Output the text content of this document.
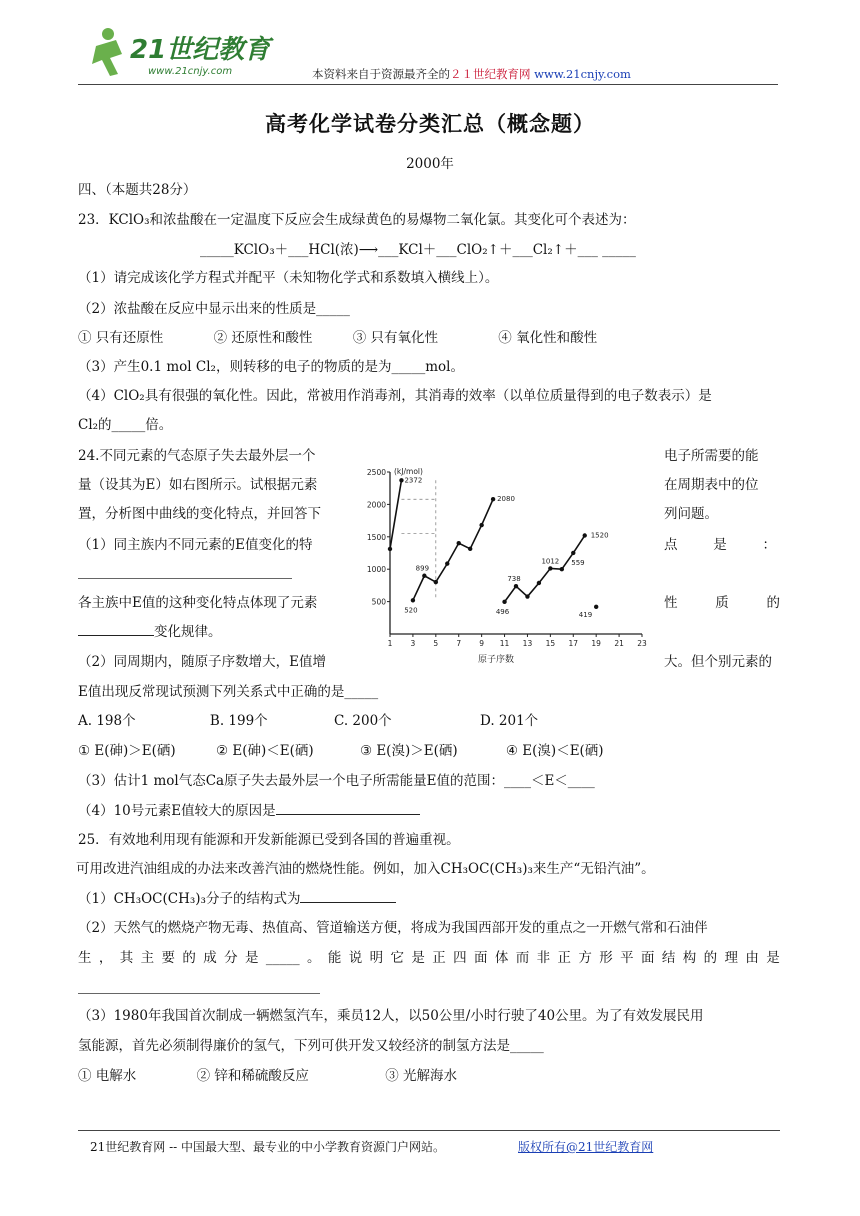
21世纪教育
www.21cnjy.com	本资料来自于资源最齐全的２１世纪教育网 www.21cnjy.com
高考化学试卷分类汇总（概念题）
2000年
四、（本题共28分）
23．KClO₃和浓盐酸在一定温度下反应会生成绿黄色的易爆物二氧化氯。其变化可个表述为：
_____KClO₃＋___HCl(浓)⟶___KCl＋___ClO₂↑＋___Cl₂↑＋___ _____
（1）请完成该化学方程式并配平（未知物化学式和系数填入横线上）。
（2）浓盐酸在反应中显示出来的性质是_____
① 只有还原性	② 还原性和酸性	③ 只有氧化性	④ 氧化性和酸性
（3）产生0.1 mol Cl₂，则转移的电子的物质的是为_____mol。
（4）ClO₂具有很强的氧化性。因此，常被用作消毒剂，其消毒的效率（以单位质量得到的电子数表示）是
Cl₂的_____倍。
24.不同元素的气态原子失去最外层一个	电子所需要的能
量（设其为E）如右图所示。试根据元素	在周期表中的位
置，分析图中曲线的变化特点，并回答下	列问题。
（1）同主族内不同元素的E值变化的特	点	是	：
各主族中E值的这种变化特点体现了元素	性	质	的
变化规律。
（2）同周期内，随原子序数增大，E值增	大。但个别元素的
E值出现反常现试预测下列关系式中正确的是_____
A. 198个	B. 199个	C. 200个	D. 201个
① E(砷)＞E(硒)	② E(砷)＜E(硒)	③ E(溴)＞E(硒)	④ E(溴)＜E(硒)
（3）估计1 mol气态Ca原子失去最外层一个电子所需能量E值的范围：____＜E＜____
（4）10号元素E值较大的原因是
500
1000
1500
2000
2500
1 3 5 7 9 11 13 15 17 19 21 23
(kJ/mol)
原子序数
2372
2080
899
520
738
1012
1520
559
496	419
25．有效地利用现有能源和开发新能源已受到各国的普遍重视。
可用改进汽油组成的办法来改善汽油的燃烧性能。例如，加入CH₃OC(CH₃)₃来生产“无铅汽油”。
（1）CH₃OC(CH₃)₃分子的结构式为
（2）天然气的燃烧产物无毒、热值高、管道输送方便，将成为我国西部开发的重点之一开燃气常和石油伴
生 ， 其 主 要 的 成 分 是 _____ 。 能 说 明 它 是 正 四 面 体 而 非 正 方 形 平 面 结 构 的 理 由 是
（3）1980年我国首次制成一辆燃氢汽车，乘员12人，以50公里/小时行驶了40公里。为了有效发展民用
氢能源，首先必须制得廉价的氢气，下列可供开发又较经济的制氢方法是_____
① 电解水	② 锌和稀硫酸反应	③ 光解海水
21世纪教育网 -- 中国最大型、最专业的中小学教育资源门户网站。	版权所有@21世纪教育网
